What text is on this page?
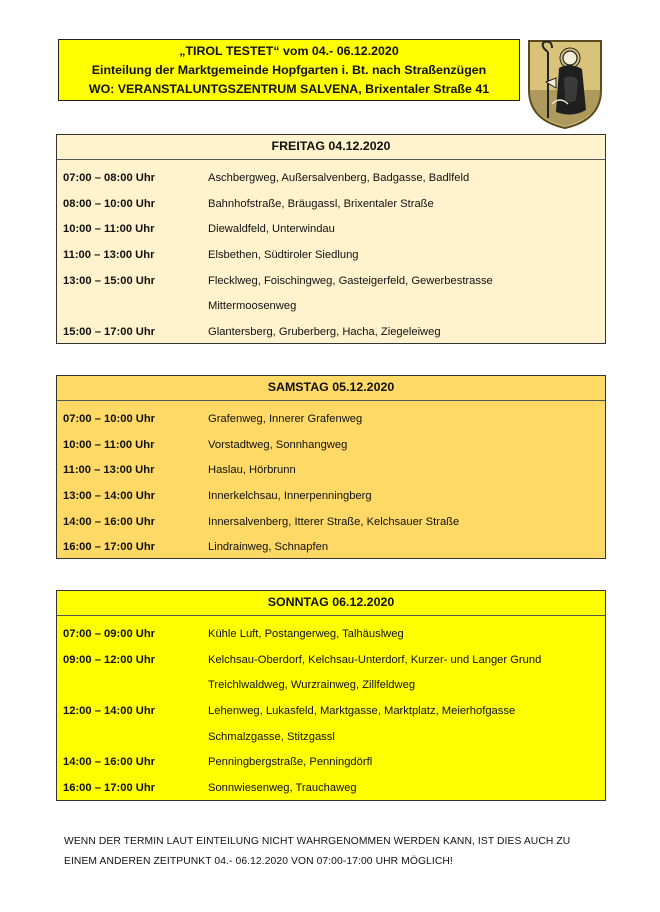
„TIROL TESTET“ vom 04.- 06.12.2020
Einteilung der Marktgemeinde Hopfgarten i. Bt. nach Straßenzügen
WO: VERANSTALUNTGSZENTRUM SALVENA, Brixentaler Straße 41
FREITAG 04.12.2020
07:00 – 08:00 Uhr	Aschbergweg, Außersalvenberg, Badgasse, Badlfeld
08:00 – 10:00 Uhr	Bahnhofstraße, Bräugassl, Brixentaler Straße
10:00 – 11:00 Uhr	Diewaldfeld, Unterwindau
11:00 – 13:00 Uhr	Elsbethen, Südtiroler Siedlung
13:00 – 15:00 Uhr	Flecklweg, Foischingweg, Gasteigerfeld, Gewerbestrasse
Mittermoosenweg
15:00 – 17:00 Uhr	Glantersberg, Gruberberg, Hacha, Ziegeleiweg
SAMSTAG 05.12.2020
07:00 – 10:00 Uhr	Grafenweg, Innerer Grafenweg
10:00 – 11:00 Uhr	Vorstadtweg, Sonnhangweg
11:00 – 13:00 Uhr	Haslau, Hörbrunn
13:00 – 14:00 Uhr	Innerkelchsau, Innerpenningberg
14:00 – 16:00 Uhr	Innersalvenberg, Itterer Straße, Kelchsauer Straße
16:00 – 17:00 Uhr	Lindrainweg, Schnapfen
SONNTAG 06.12.2020
07:00 – 09:00 Uhr	Kühle Luft, Postangerweg, Talhäuslweg
09:00 – 12:00 Uhr	Kelchsau-Oberdorf, Kelchsau-Unterdorf, Kurzer- und Langer Grund
Treichlwaldweg, Wurzrainweg, Zillfeldweg
12:00 – 14:00 Uhr	Lehenweg, Lukasfeld, Marktgasse, Marktplatz, Meierhofgasse
Schmalzgasse, Stitzgassl
14:00 – 16:00 Uhr	Penningbergstraße, Penningdörfl
16:00 – 17:00 Uhr	Sonnwiesenweg, Trauchaweg
WENN DER TERMIN LAUT EINTEILUNG NICHT WAHRGENOMMEN WERDEN KANN, IST DIES AUCH ZU
EINEM ANDEREN ZEITPUNKT 04.- 06.12.2020 VON 07:00-17:00 UHR MÖGLICH!
